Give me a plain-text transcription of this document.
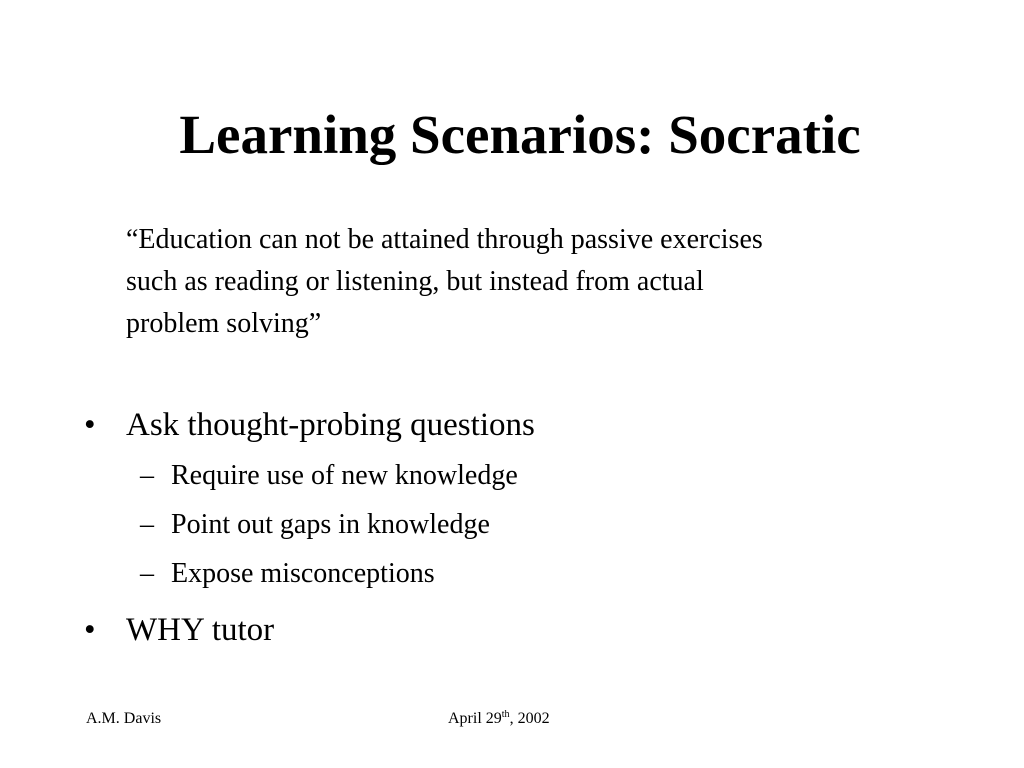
Learning Scenarios: Socratic
“Education can not be attained through passive exercises
such as reading or listening, but instead from actual
problem solving”
• Ask thought-probing questions
– Require use of new knowledge
– Point out gaps in knowledge
– Expose misconceptions
• WHY tutor
A.M. Davis	April 29th, 2002
